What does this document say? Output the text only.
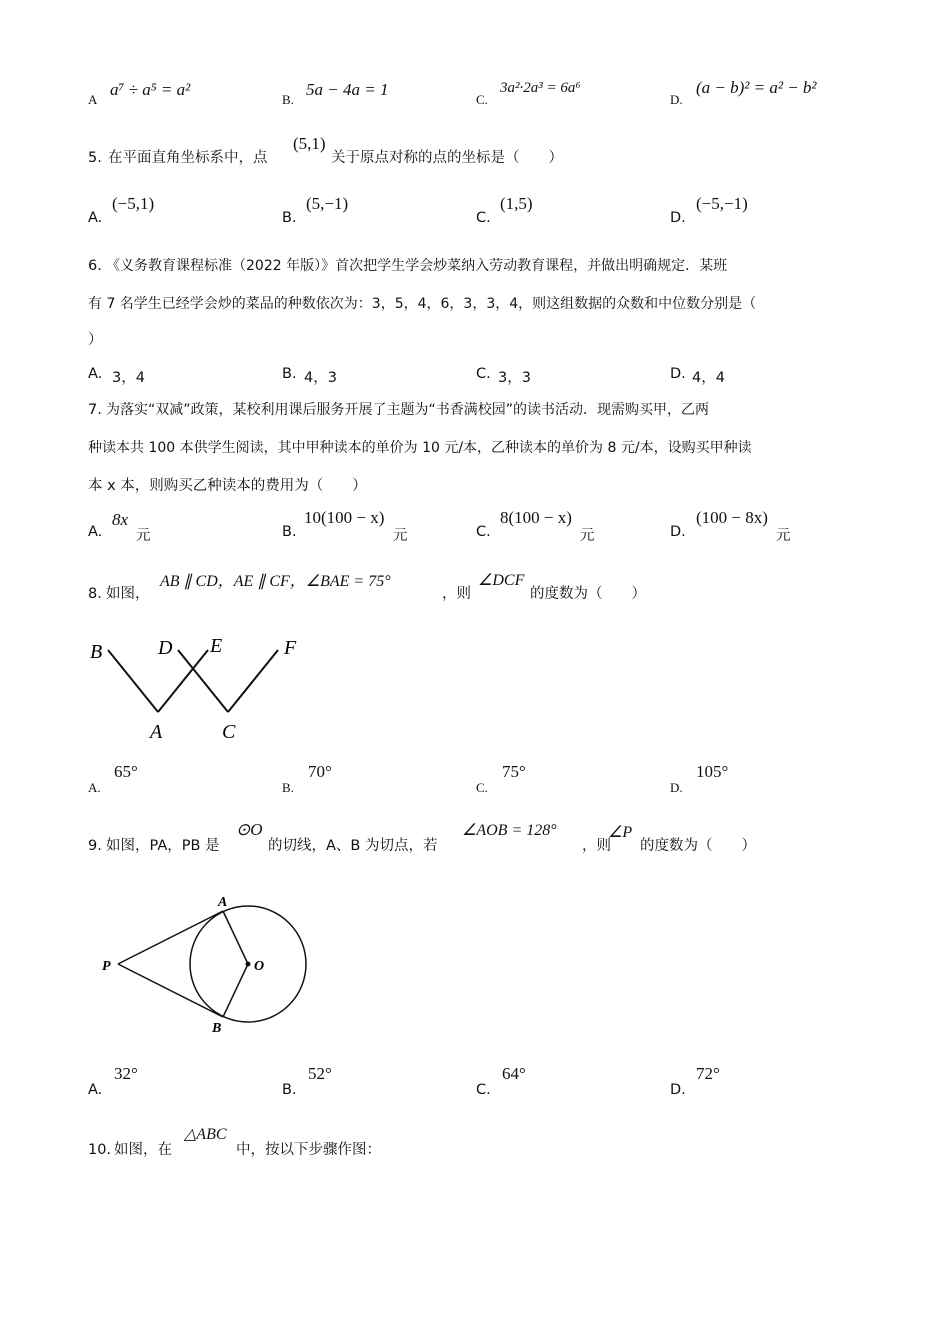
A
a⁷ ÷ a⁵ = a²
B.
5a − 4a = 1
C.
3a²·2a³ = 6a⁶
D.
(a − b)² = a² − b²
5. 在平面直角坐标系中，点
(5,1)
关于原点对称的点的坐标是（　　）
A.
(−5,1)
B.
(5,−1)
C.
(1,5)
D.
(−5,−1)
6. 《义务教育课程标准（2022 年版）》首次把学生学会炒菜纳入劳动教育课程，并做出明确规定．某班
有 7 名学生已经学会炒的菜品的种数依次为：3，5，4，6，3，3，4，则这组数据的众数和中位数分别是（
）
A. 3，4	B. 4，3	C. 3，3	D. 4，4
7. 为落实“双减”政策，某校利用课后服务开展了主题为“书香满校园”的读书活动．现需购买甲，乙两
种读本共 100 本供学生阅读，其中甲种读本的单价为 10 元/本，乙种读本的单价为 8 元/本，设购买甲种读
本 x 本，则购买乙种读本的费用为（　　）
A.
8x
元	B.
10(100 − x)
元	C.
8(100 − x)
元	D.
(100 − 8x)
元
8. 如图，
AB ∥ CD，AE ∥ CF，∠BAE = 75°
，则
∠DCF
的度数为（　　）
B	D E	F
A	C
A.
65°
B.
70°
C.
75°
D.
105°
9. 如图，PA，PB 是
⊙O
的切线，A、B 为切点，若
∠AOB = 128°
，则
∠P
的度数为（　　）
P
A
B
O
A.
32°
B.
52°
C.
64°
D.
72°
10. 如图，在
△ABC
中，按以下步骤作图：
